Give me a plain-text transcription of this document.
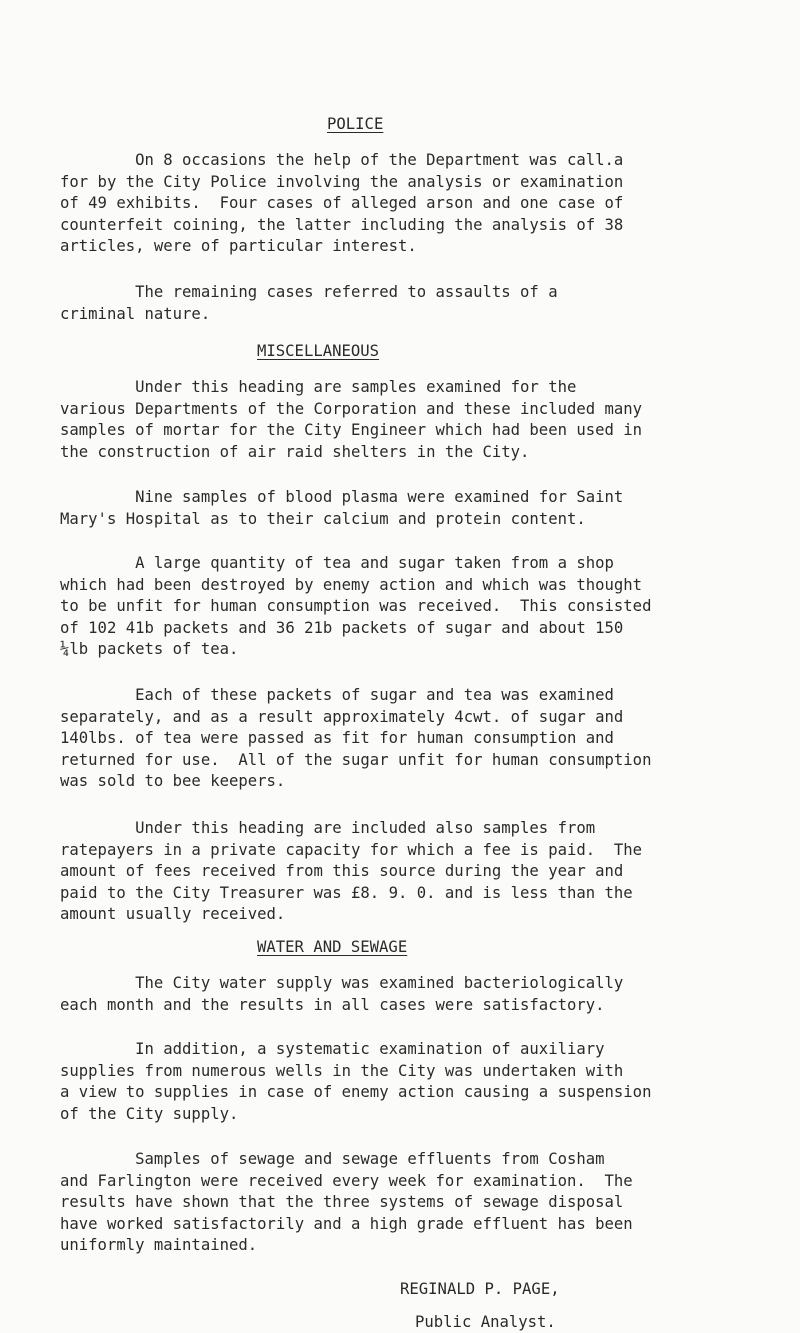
POLICE
On 8 occasions the help of the Department was call.a
for by the City Police involving the analysis or examination
of 49 exhibits.  Four cases of alleged arson and one case of
counterfeit coining, the latter including the analysis of 38
articles, were of particular interest.
The remaining cases referred to assaults of a
criminal nature.
MISCELLANEOUS
Under this heading are samples examined for the
various Departments of the Corporation and these included many
samples of mortar for the City Engineer which had been used in
the construction of air raid shelters in the City.
Nine samples of blood plasma were examined for Saint
Mary's Hospital as to their calcium and protein content.
A large quantity of tea and sugar taken from a shop
which had been destroyed by enemy action and which was thought
to be unfit for human consumption was received.  This consisted
of 102 41b packets and 36 21b packets of sugar and about 150
¼lb packets of tea.
Each of these packets of sugar and tea was examined
separately, and as a result approximately 4cwt. of sugar and
140lbs. of tea were passed as fit for human consumption and
returned for use.  All of the sugar unfit for human consumption
was sold to bee keepers.
Under this heading are included also samples from
ratepayers in a private capacity for which a fee is paid.  The
amount of fees received from this source during the year and
paid to the City Treasurer was £8. 9. 0. and is less than the
amount usually received.
WATER AND SEWAGE
The City water supply was examined bacteriologically
each month and the results in all cases were satisfactory.
In addition, a systematic examination of auxiliary
supplies from numerous wells in the City was undertaken with
a view to supplies in case of enemy action causing a suspension
of the City supply.
Samples of sewage and sewage effluents from Cosham
and Farlington were received every week for examination.  The
results have shown that the three systems of sewage disposal
have worked satisfactorily and a high grade effluent has been
uniformly maintained.
REGINALD P. PAGE,
Public Analyst.
